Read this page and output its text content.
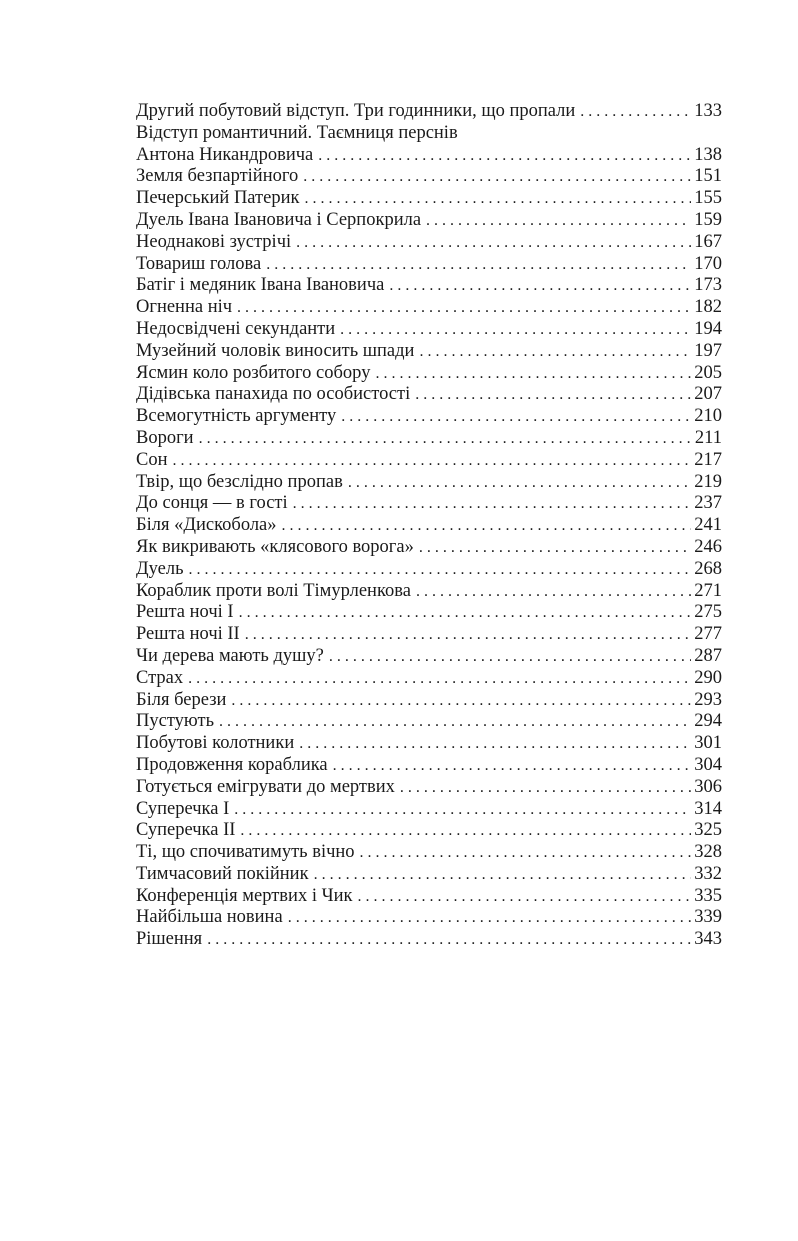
Другий побутовий відступ. Три годинники, що пропали . . .	133
Відступ романтичний. Таємниця перснів
Антона Никандровича . . .	138
Земля безпартійного . . .	151
Печерський Патерик . . .	155
Дуель Івана Івановича і Серпокрила . . .	159
Неоднакові зустрічі . . .	167
Товариш голова . . .	170
Батіг і медяник Івана Івановича . . .	173
Огненна ніч . . .	182
Недосвідчені секунданти . . .	194
Музейний чоловік виносить шпади . . .	197
Ясмин коло розбитого собору . . .	205
Дідівська панахида по особистості . . .	207
Всемогутність аргументу . . .	210
Вороги . . .	211
Сон . . .	217
Твір, що безслідно пропав . . .	219
До сонця — в гості . . .	237
Біля «Дискобола» . . .	241
Як викривають «клясового ворога» . . .	246
Дуель . . .	268
Кораблик проти волі Тімурленкова . . .	271
Решта ночі I . . .	275
Решта ночі II . . .	277
Чи дерева мають душу? . . .	287
Страх . . .	290
Біля берези . . .	293
Пустують . . .	294
Побутові колотники . . .	301
Продовження кораблика . . .	304
Готується емігрувати до мертвих . . .	306
Суперечка I . . .	314
Суперечка II . . .	325
Ті, що спочиватимуть вічно . . .	328
Тимчасовий покійник . . .	332
Конференція мертвих і Чик . . .	335
Найбільша новина . . .	339
Рішення . . .	343
